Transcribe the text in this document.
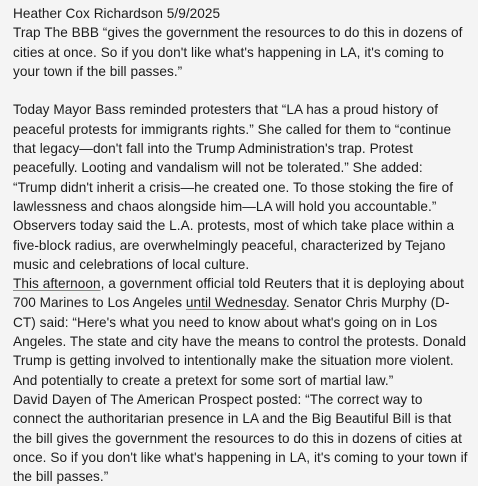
Heather Cox Richardson 5/9/2025
Trap The BBB “gives the government the resources to do this in dozens of
cities at once. So if you don't like what's happening in LA, it's coming to
your town if the bill passes.”
Today Mayor Bass reminded protesters that “LA has a proud history of
peaceful protests for immigrants rights.” She called for them to “continue
that legacy—don't fall into the Trump Administration's trap. Protest
peacefully. Looting and vandalism will not be tolerated.” She added:
“Trump didn't inherit a crisis—he created one. To those stoking the fire of
lawlessness and chaos alongside him—LA will hold you accountable.”
Observers today said the L.A. protests, most of which take place within a
five-block radius, are overwhelmingly peaceful, characterized by Tejano
music and celebrations of local culture.
This afternoon, a government official told Reuters that it is deploying about
700 Marines to Los Angeles until Wednesday. Senator Chris Murphy (D-
CT) said: “Here's what you need to know about what's going on in Los
Angeles. The state and city have the means to control the protests. Donald
Trump is getting involved to intentionally make the situation more violent.
And potentially to create a pretext for some sort of martial law.”
David Dayen of The American Prospect posted: “The correct way to
connect the authoritarian presence in LA and the Big Beautiful Bill is that
the bill gives the government the resources to do this in dozens of cities at
once. So if you don't like what's happening in LA, it's coming to your town if
the bill passes.”
